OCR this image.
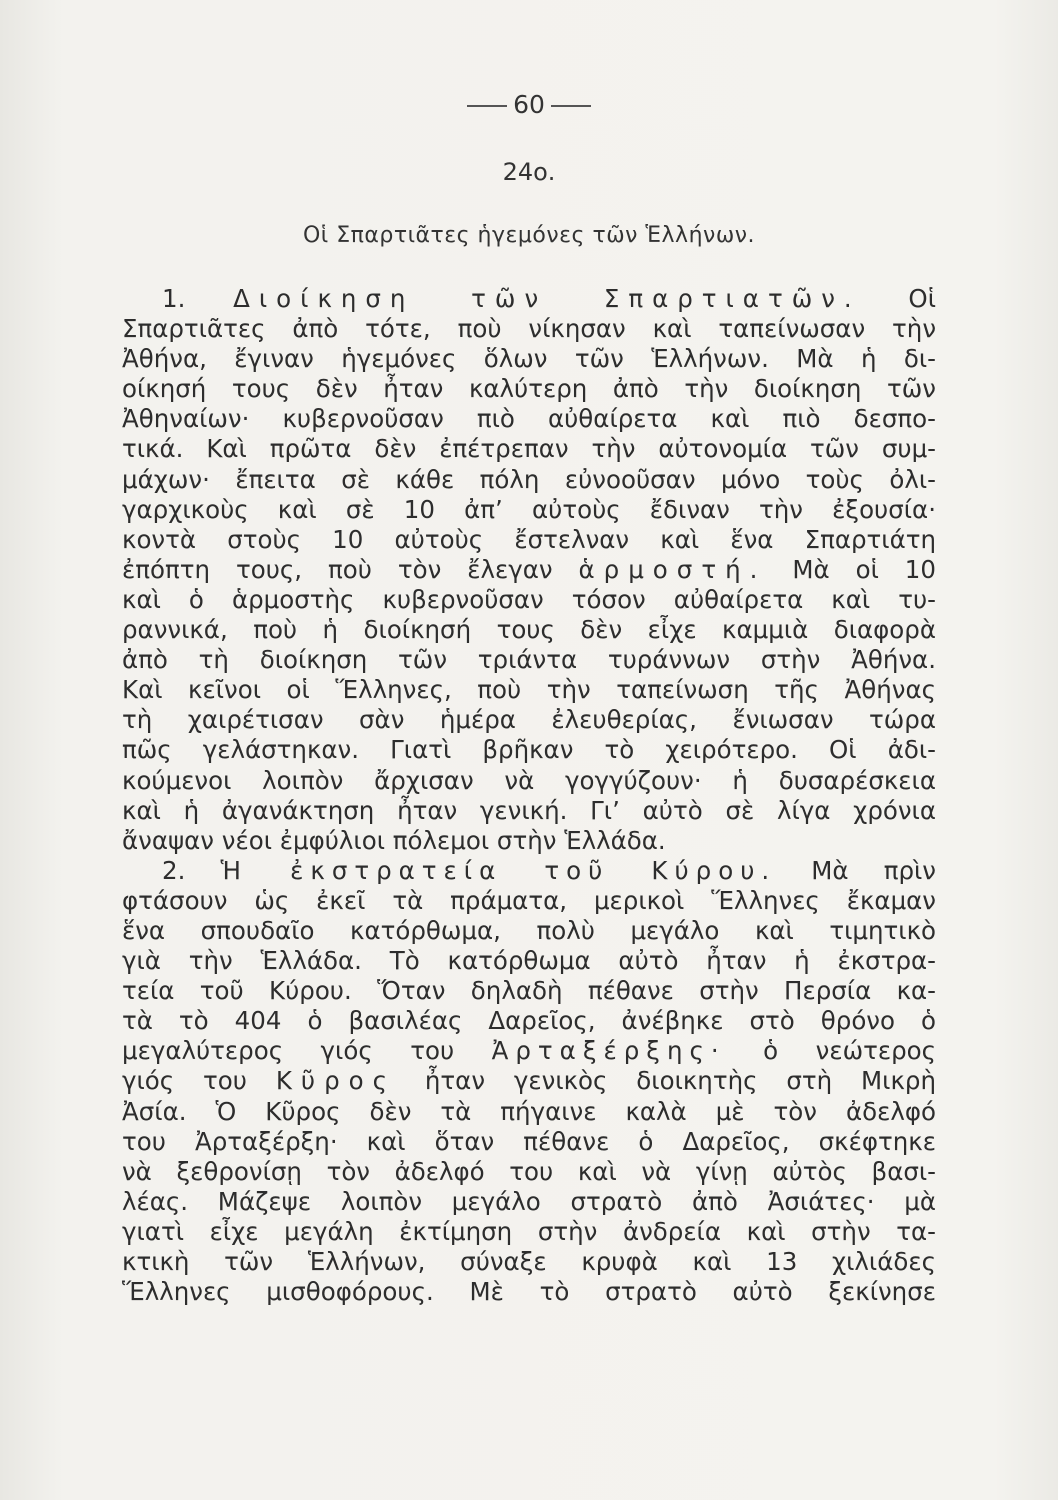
60
24ο.
Οἱ Σπαρτιᾶτες ἡγεμόνες τῶν Ἑλλήνων.
1. Διοίκηση τῶν Σπαρτιατῶν. Οἱ
Σπαρτιᾶτες ἀπὸ τότε, ποὺ νίκησαν καὶ ταπείνωσαν τὴν
Ἀθήνα, ἔγιναν ἡγεμόνες ὅλων τῶν Ἑλλήνων. Μὰ ἡ δι-
οίκησή τους δὲν ἦταν καλύτερη ἀπὸ τὴν διοίκηση τῶν
Ἀθηναίων· κυβερνοῦσαν πιὸ αὐθαίρετα καὶ πιὸ δεσπο-
τικά. Καὶ πρῶτα δὲν ἐπέτρεπαν τὴν αὐτονομία τῶν συμ-
μάχων· ἔπειτα σὲ κάθε πόλη εὐνοοῦσαν μόνο τοὺς ὀλι-
γαρχικοὺς καὶ σὲ 10 ἀπ’ αὐτοὺς ἔδιναν τὴν ἐξουσία·
κοντὰ στοὺς 10 αὐτοὺς ἔστελναν καὶ ἕνα Σπαρτιάτη
ἐπόπτη τους, ποὺ τὸν ἔλεγαν ἁρμοστή. Μὰ οἱ 10
καὶ ὁ ἁρμοστὴς κυβερνοῦσαν τόσον αὐθαίρετα καὶ τυ-
ραννικά, ποὺ ἡ διοίκησή τους δὲν εἶχε καμμιὰ διαφορὰ
ἀπὸ τὴ διοίκηση τῶν τριάντα τυράννων στὴν Ἀθήνα.
Καὶ κεῖνοι οἱ Ἕλληνες, ποὺ τὴν ταπείνωση τῆς Ἀθήνας
τὴ χαιρέτισαν σὰν ἡμέρα ἐλευθερίας, ἔνιωσαν τώρα
πῶς γελάστηκαν. Γιατὶ βρῆκαν τὸ χειρότερο. Οἱ ἀδι-
κούμενοι λοιπὸν ἄρχισαν νὰ γογγύζουν· ἡ δυσαρέσκεια
καὶ ἡ ἀγανάκτηση ἦταν γενική. Γι’ αὐτὸ σὲ λίγα χρόνια
ἄναψαν νέοι ἐμφύλιοι πόλεμοι στὴν Ἑλλάδα.
2. Ἡ ἐκστρατεία τοῦ Κύρου. Μὰ πρὶν
φτάσουν ὡς ἐκεῖ τὰ πράματα, μερικοὶ Ἕλληνες ἔκαμαν
ἕνα σπουδαῖο κατόρθωμα, πολὺ μεγάλο καὶ τιμητικὸ
γιὰ τὴν Ἑλλάδα. Τὸ κατόρθωμα αὐτὸ ἦταν ἡ ἐκστρα-
τεία τοῦ Κύρου. Ὅταν δηλαδὴ πέθανε στὴν Περσία κα-
τὰ τὸ 404 ὁ βασιλέας Δαρεῖος, ἀνέβηκε στὸ θρόνο ὁ
μεγαλύτερος γιός του Ἀρταξέρξης· ὁ νεώτερος
γιός του Κῦρος ἦταν γενικὸς διοικητὴς στὴ Μικρὴ
Ἀσία. Ὁ Κῦρος δὲν τὰ πήγαινε καλὰ μὲ τὸν ἀδελφό
του Ἀρταξέρξη· καὶ ὅταν πέθανε ὁ Δαρεῖος, σκέφτηκε
νὰ ξεθρονίσῃ τὸν ἀδελφό του καὶ νὰ γίνῃ αὐτὸς βασι-
λέας. Μάζεψε λοιπὸν μεγάλο στρατὸ ἀπὸ Ἀσιάτες· μὰ
γιατὶ εἶχε μεγάλη ἐκτίμηση στὴν ἀνδρεία καὶ στὴν τα-
κτικὴ τῶν Ἑλλήνων, σύναξε κρυφὰ καὶ 13 χιλιάδες
Ἕλληνες μισθοφόρους. Μὲ τὸ στρατὸ αὐτὸ ξεκίνησε
